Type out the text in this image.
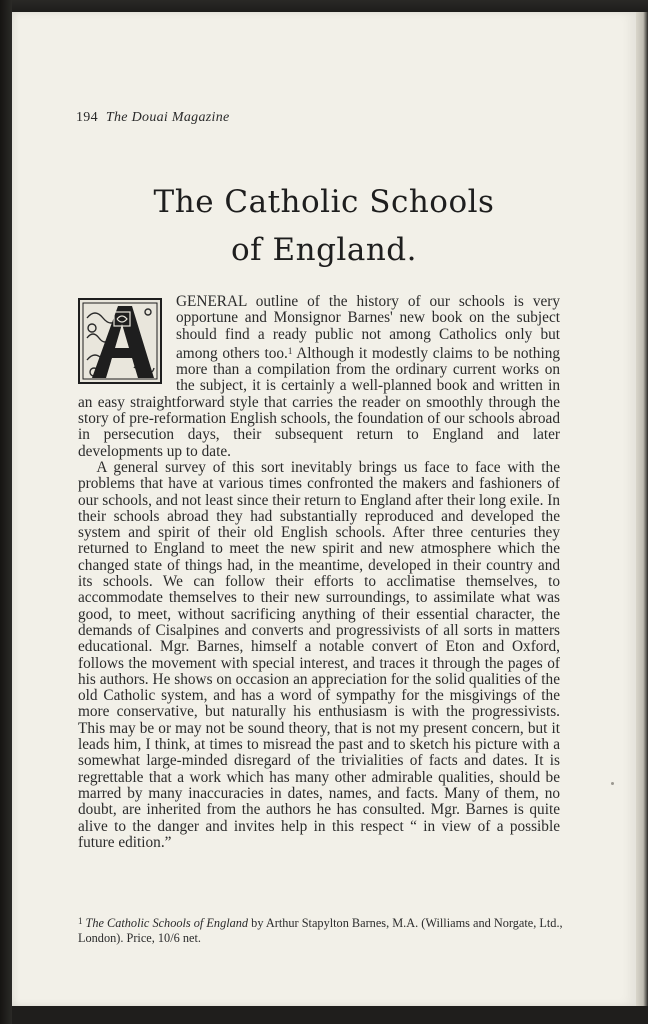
194 The Douai Magazine
The Catholic Schools
of England.

GENERAL outline of the history of our schools is very opportune and Monsignor Barnes' new book on the subject should find a ready public not among Catholics only but among others too.$^1$ Although it modestly claims to be nothing more than a compilation from the ordinary current works on the subject, it is certainly a well-planned book and written in an easy straightforward style that carries the reader on smoothly through the story of pre-reformation English schools, the foundation of our schools abroad in persecution days, their subsequent return to England and later developments up to date.

A general survey of this sort inevitably brings us face to face with the problems that have at various times confronted the makers and fashioners of our schools, and not least since their return to England after their long exile. In their schools abroad they had substantially reproduced and developed the system and spirit of their old English schools. After three centuries they returned to England to meet the new spirit and new atmosphere which the changed state of things had, in the meantime, developed in their country and its schools. We can follow their efforts to acclimatise themselves, to accommodate themselves to their new surroundings, to assimilate what was good, to meet, without sacrificing anything of their essential character, the demands of Cisalpines and converts and progressivists of all sorts in matters educational. Mgr. Barnes, himself a notable convert of Eton and Oxford, follows the movement with special interest, and traces it through the pages of his authors. He shows on occasion an appreciation for the solid qualities of the old Catholic system, and has a word of sympathy for the misgivings of the more conservative, but naturally his enthusiasm is with the progressivists. This may be or may not be sound theory, that is not my present concern, but it leads him, I think, at times to misread the past and to sketch his picture with a somewhat large-minded disregard of the trivialities of facts and dates. It is regrettable that a work which has many other admirable qualities, should be marred by many inaccuracies in dates, names, and facts. Many of them, no doubt, are inherited from the authors he has consulted. Mgr. Barnes is quite alive to the danger and invites help in this respect “ in view of a possible future edition.”

$^1$ The Catholic Schools of England by Arthur Stapylton Barnes, M.A. (Williams and Norgate, Ltd., London). Price, 10/6 net.
